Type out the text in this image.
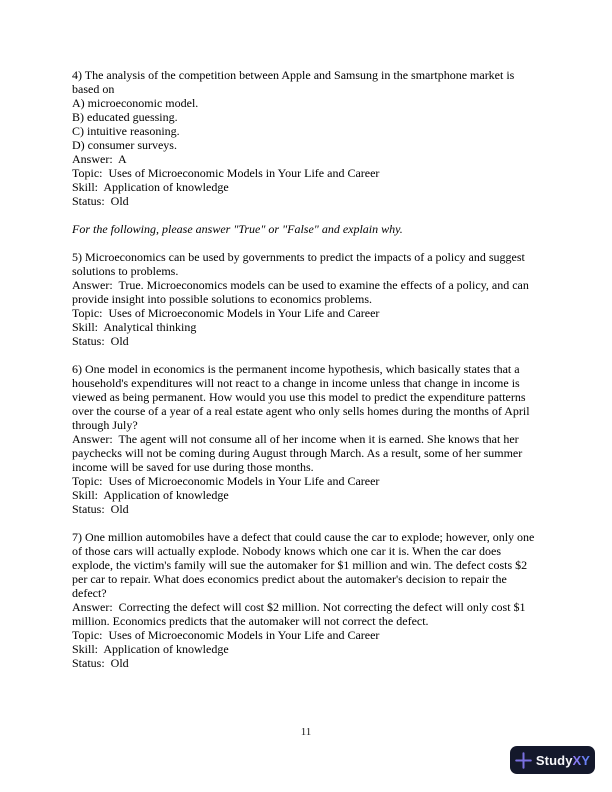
4) The analysis of the competition between Apple and Samsung in the smartphone market is
based on
A) microeconomic model.
B) educated guessing.
C) intuitive reasoning.
D) consumer surveys.
Answer:  A
Topic:  Uses of Microeconomic Models in Your Life and Career
Skill:  Application of knowledge
Status:  Old
For the following, please answer "True" or "False" and explain why.
5) Microeconomics can be used by governments to predict the impacts of a policy and suggest
solutions to problems.
Answer:  True. Microeconomics models can be used to examine the effects of a policy, and can
provide insight into possible solutions to economics problems.
Topic:  Uses of Microeconomic Models in Your Life and Career
Skill:  Analytical thinking
Status:  Old
6) One model in economics is the permanent income hypothesis, which basically states that a
household's expenditures will not react to a change in income unless that change in income is
viewed as being permanent. How would you use this model to predict the expenditure patterns
over the course of a year of a real estate agent who only sells homes during the months of April
through July?
Answer:  The agent will not consume all of her income when it is earned. She knows that her
paychecks will not be coming during August through March. As a result, some of her summer
income will be saved for use during those months.
Topic:  Uses of Microeconomic Models in Your Life and Career
Skill:  Application of knowledge
Status:  Old
7) One million automobiles have a defect that could cause the car to explode; however, only one
of those cars will actually explode. Nobody knows which one car it is. When the car does
explode, the victim's family will sue the automaker for $1 million and win. The defect costs $2
per car to repair. What does economics predict about the automaker's decision to repair the
defect?
Answer:  Correcting the defect will cost $2 million. Not correcting the defect will only cost $1
million. Economics predicts that the automaker will not correct the defect.
Topic:  Uses of Microeconomic Models in Your Life and Career
Skill:  Application of knowledge
Status:  Old
11
StudyXY
